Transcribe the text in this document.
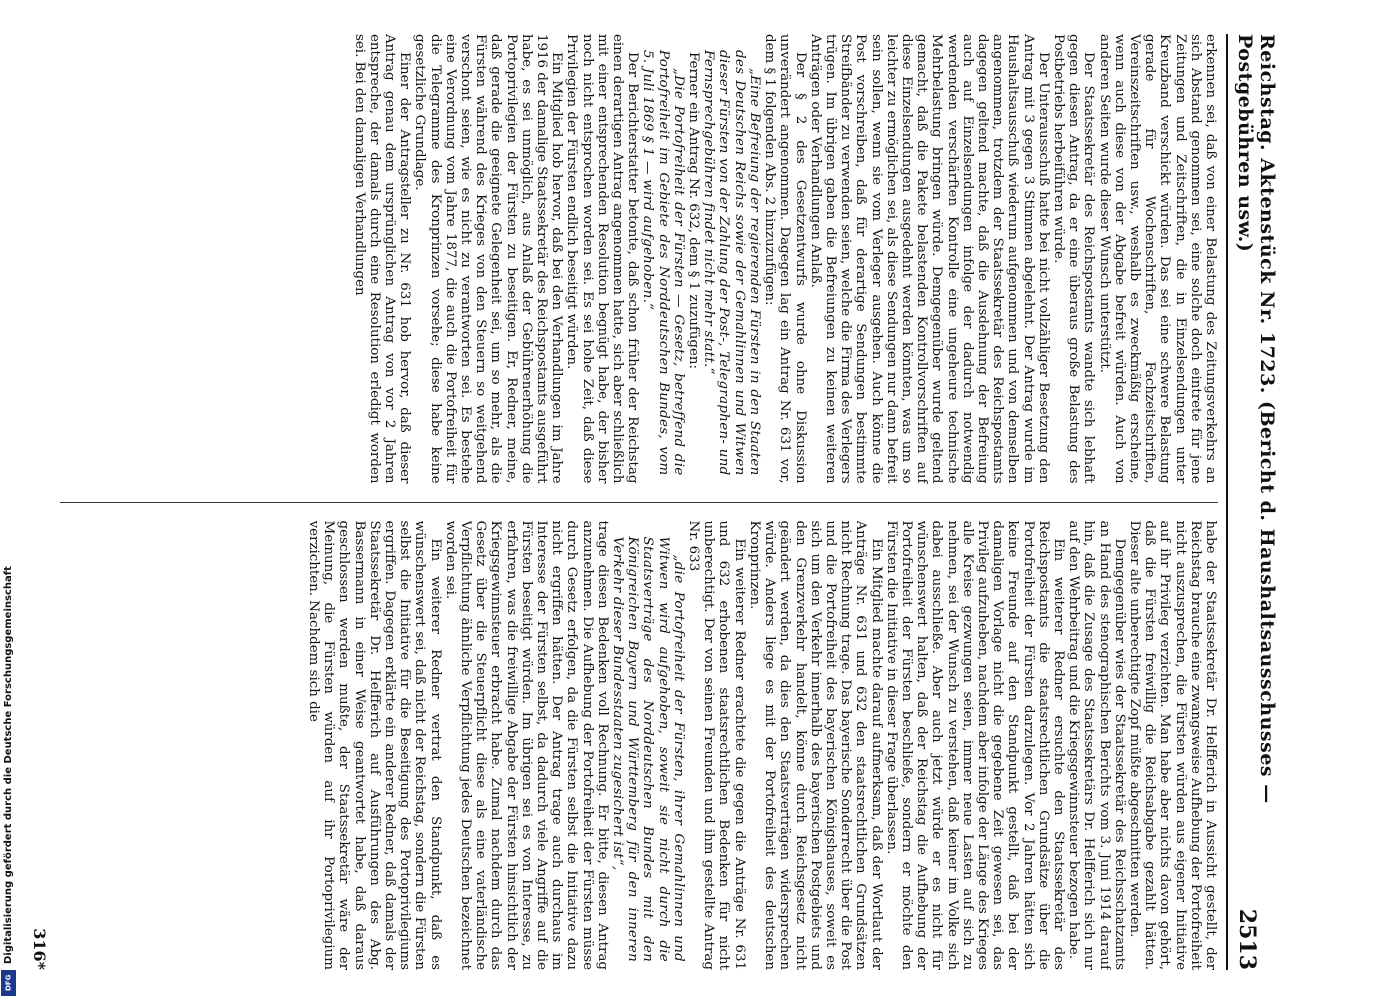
Reichstag. Aktenstück Nr. 1723. (Bericht d. Haushaltsausschusses — Postgebühren usw.)
2513

erkennen sei, daß von einer Belastung des Zeitungsverkehrs an sich Abstand genommen sei, eine solche doch eintrete für jene Zeitungen und Zeitschriften, die in Einzelsendungen unter Kreuzband verschickt würden. Das sei eine schwere Belastung gerade für Wochenschriften, Fachzeitschriften, Vereinszeitschriften usw., weshalb es zweckmäßig erscheine, wenn auch diese von der Abgabe befreit würden. Auch von anderen Seiten wurde dieser Wunsch unterstützt.

Der Staatssekretär des Reichspostamts wandte sich lebhaft gegen diesen Antrag, da er eine überaus große Belastung des Postbetriebs herbeiführen würde.

Der Unterausschuß hatte bei nicht vollzähliger Besetzung den Antrag mit 3 gegen 3 Stimmen abgelehnt. Der Antrag wurde im Haushaltsausschuß wiederum aufgenommen und von demselben angenommen, trotzdem der Staatssekretär des Reichspostamts dagegen geltend machte, daß die Ausdehnung der Befreiung auch auf Einzelsendungen infolge der dadurch notwendig werdenden verschärften Kontrolle eine ungeheure technische Mehrbelastung bringen würde. Demgegenüber wurde geltend gemacht, daß die Pakete belastenden Kontrollvorschriften auf diese Einzelsendungen ausgedehnt werden könnten, was um so leichter zu ermöglichen sei, als diese Sendungen nur dann befreit sein sollen, wenn sie vom Verleger ausgehen. Auch könne die Post vorschreiben, daß für derartige Sendungen bestimmte Streifbänder zu verwenden seien, welche die Firma des Verlegers trügen. Im übrigen gaben die Befreiungen zu keinen weiteren Anträgen oder Verhandlungen Anlaß.

Der § 2 des Gesetzentwurfs wurde ohne Diskussion unverändert angenommen. Dagegen lag ein Antrag Nr. 631 vor, dem § 1 folgenden Abs. 2 hinzuzufügen:

„Eine Befreiung der regierenden Fürsten in den Staaten des Deutschen Reichs sowie der Gemahlinnen und Witwen dieser Fürsten von der Zahlung der Post-, Telegraphen- und Fernsprechgebühren findet nicht mehr statt.“

Ferner ein Antrag Nr. 632, dem § 1 zuzufügen:

„Die Portofreiheit der Fürsten — Gesetz, betreffend die Portofreiheit im Gebiete des Norddeutschen Bundes, vom 5. Juli 1869 § 1 — wird aufgehoben.“

Der Berichterstatter betonte, daß schon früher der Reichstag einen derartigen Antrag angenommen hatte, sich aber schließlich mit einer entsprechenden Resolution begnügt habe, der bisher noch nicht entsprochen worden sei. Es sei hohe Zeit, daß diese Privilegien der Fürsten endlich beseitigt würden.

Ein Mitglied hob hervor, daß bei den Verhandlungen im Jahre 1916 der damalige Staatssekretär des Reichspostamts ausgeführt habe, es sei unmöglich, aus Anlaß der Gebührenerhöhung die Portoprivilegien der Fürsten zu beseitigen. Er, Redner, meine, daß gerade die geeignete Gelegenheit sei, um so mehr, als die Fürsten während des Krieges von den Steuern so weitgehend verschont seien, wie es nicht zu verantworten sei. Es bestehe eine Verordnung vom Jahre 1877, die auch die Portofreiheit für die Telegramme des Kronprinzen vorsehe; diese habe keine gesetzliche Grundlage.

Einer der Antragsteller zu Nr. 631 hob hervor, daß dieser Antrag genau dem ursprünglichen Antrag von vor 2 Jahren entspreche, der damals durch eine Resolution erledigt worden sei. Bei den damaligen Verhandlungen

habe der Staatssekretär Dr. Helfferich in Aussicht gestellt, der Reichstag brauche eine zwangsweise Aufhebung der Portofreiheit nicht auszusprechen, die Fürsten würden aus eigener Initiative auf ihr Privileg verzichten. Man habe aber nichts davon gehört, daß die Fürsten freiwillig die Reichsabgabe gezahlt hätten. Dieser alte unberechtigte Zopf müßte abgeschnitten werden.

Demgegenüber wies der Staatssekretär des Reichsschatzamts an Hand des stenographischen Berichts vom 3. Juni 1914 darauf hin, daß die Zusage des Staatssekretärs Dr. Helfferich sich nur auf den Wehrbeitrag und die Kriegsgewinnsteuer bezogen habe.

Ein weiterer Redner ersuchte den Staatssekretär des Reichspostamts die staatsrechtlichen Grundsätze über die Portofreiheit der Fürsten darzulegen. Vor 2 Jahren hätten sich keine Freunde auf den Standpunkt gestellt, daß bei der damaligen Vorlage nicht die gegebene Zeit gewesen sei, das Privileg aufzuheben, nachdem aber infolge der Länge des Krieges alle Kreise gezwungen seien, immer neue Lasten auf sich zu nehmen, sei der Wunsch zu verstehen, daß keiner im Volke sich dabei ausschließe. Aber auch jetzt würde er es nicht für wünschenswert halten, daß der Reichstag die Aufhebung der Portofreiheit der Fürsten beschließe, sondern er möchte den Fürsten die Initiative in dieser Frage überlassen.

Ein Mitglied machte darauf aufmerksam, daß der Wortlaut der Anträge Nr. 631 und 632 den staatsrechtlichen Grundsätzen nicht Rechnung trage. Das bayerische Sonderrecht über die Post und die Portofreiheit des bayerischen Königshauses, soweit es sich um den Verkehr innerhalb des bayerischen Postgebiets und den Grenzverkehr handelt, könne durch Reichsgesetz nicht geändert werden, da dies den Staatsverträgen widersprechen würde. Anders liege es mit der Portofreiheit des deutschen Kronprinzen.

Ein weiterer Redner erachtete die gegen die Anträge Nr. 631 und 632 erhobenen staatsrechtlichen Bedenken für nicht unberechtigt. Der von seinen Freunden und ihm gestellte Antrag Nr. 633

„die Portofreiheit der Fürsten, ihrer Gemahlinnen und Witwen wird aufgehoben, soweit sie nicht durch die Staatsverträge des Norddeutschen Bundes mit den Königreichen Bayern und Württemberg für den inneren Verkehr dieser Bundesstaaten zugesichert ist“,

trage diesen Bedenken voll Rechnung. Er bitte, diesen Antrag anzunehmen. Die Aufhebung der Portofreiheit der Fürsten müsse durch Gesetz erfolgen, da die Fürsten selbst die Initiative dazu nicht ergriffen hätten. Der Antrag trage auch durchaus im Interesse der Fürsten selbst, da dadurch viele Angriffe auf die Fürsten beseitigt würden. Im übrigen sei es von Interesse, zu erfahren, was die freiwillige Abgabe der Fürsten hinsichtlich der Kriegsgewinnsteuer erbracht habe. Zumal nachdem durch das Gesetz über die Steuerpflicht diese als eine vaterländische Verpflichtung ähnliche Verpflichtung jedes Deutschen bezeichnet worden sei.

Ein weiterer Redner vertrat den Standpunkt, daß es wünschenswert sei, daß nicht der Reichstag, sondern die Fürsten selbst die Initiative für die Beseitigung des Portoprivilegiums ergriffen. Dagegen erklärte ein anderer Redner, daß damals der Staatssekretär Dr. Helfferich auf Ausführungen des Abg. Bassermann in einer Weise geantwortet habe, daß daraus geschlossen werden mußte, der Staatssekretär wäre der Meinung, die Fürsten würden auf ihr Portoprivilegium verzichten. Nachdem sich die

316*
Digitalisierung gefördert durch die Deutsche Forschungsgemeinschaft
DFG
